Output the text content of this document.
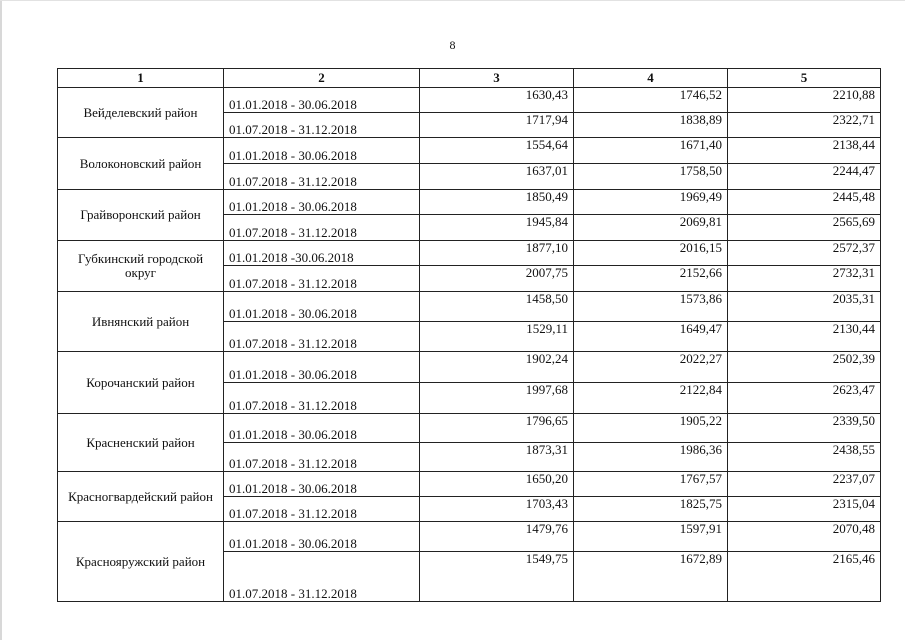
8
1	2	3	4	5
Вейделевский район	01.01.2018 - 30.06.2018	1630,43	1746,52	2210,88
	01.07.2018 - 31.12.2018	1717,94	1838,89	2322,71
Волоконовский район	01.01.2018 - 30.06.2018	1554,64	1671,40	2138,44
	01.07.2018 - 31.12.2018	1637,01	1758,50	2244,47
Грайворонский район	01.01.2018 - 30.06.2018	1850,49	1969,49	2445,48
	01.07.2018 - 31.12.2018	1945,84	2069,81	2565,69
Губкинский городской округ	01.01.2018 -30.06.2018	1877,10	2016,15	2572,37
	01.07.2018 - 31.12.2018	2007,75	2152,66	2732,31
Ивнянский район	01.01.2018 - 30.06.2018	1458,50	1573,86	2035,31
	01.07.2018 - 31.12.2018	1529,11	1649,47	2130,44
Корочанский район	01.01.2018 - 30.06.2018	1902,24	2022,27	2502,39
	01.07.2018 - 31.12.2018	1997,68	2122,84	2623,47
Красненский район	01.01.2018 - 30.06.2018	1796,65	1905,22	2339,50
	01.07.2018 - 31.12.2018	1873,31	1986,36	2438,55
Красногвардейский район	01.01.2018 - 30.06.2018	1650,20	1767,57	2237,07
	01.07.2018 - 31.12.2018	1703,43	1825,75	2315,04
Краснояружский район	01.01.2018 - 30.06.2018	1479,76	1597,91	2070,48
	01.07.2018 - 31.12.2018	1549,75	1672,89	2165,46
